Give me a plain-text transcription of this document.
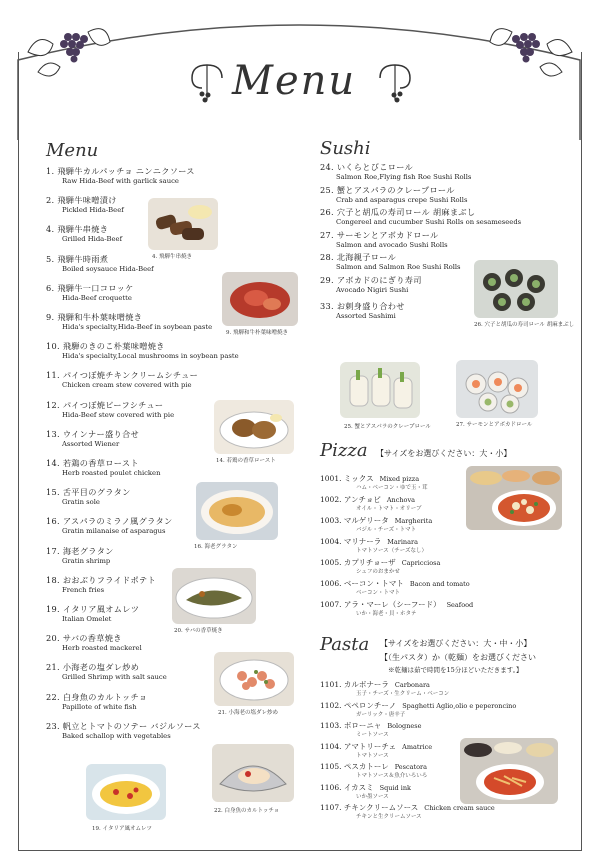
Menu
Menu	Sushi
Pizza
Pasta
1. 飛騨牛カルパッチョ ニンニクソース
Raw Hida-Beef with garlick sauce
2. 飛騨牛味噌漬け
Pickled Hida-Beef
4. 飛騨牛串焼き
Grilled Hida-Beef
5. 飛騨牛時雨煮
Boiled soysauce Hida-Beef
6. 飛騨牛一口コロッケ
Hida-Beef croquette
9. 飛騨和牛朴葉味噌焼き
Hida's specialty,Hida-Beef in soybean paste
10. 飛騨のきのこ朴葉味噌焼き
Hida's specialty,Local mushrooms in soybean paste
11. パイつぼ焼チキンクリームシチュー
Chicken cream stew covered with pie
12. パイつぼ焼ビーフシチュー
Hida-Beef stew covered with pie
13. ウインナー盛り合せ
Assorted Wiener
14. 若鶏の香草ロースト
Herb roasted poulet chicken
15. 舌平目のグラタン
Gratin sole
16. アスパラのミラノ風グラタン
Gratin milanaise of asparagus
17. 海老グラタン
Gratin shrimp
18. おおぶりフライドポテト
French fries
19. イタリア風オムレツ
Italian Omelet
20. サバの香草焼き
Herb roasted mackerel
21. 小海老の塩ダレ炒め
Grilled Shrimp with salt sauce
22. 白身魚のカルトッチョ
Papillote of white fish
23. 帆立とトマトのソテー バジルソース
Baked schallop with vegetables
24. いくらとびこロール
Salmon Roe,Flying fish Roe Sushi Rolls
25. 蟹とアスパラのクレープロール
Crab and asparagus crepe Sushi Rolls
26. 穴子と胡瓜の寿司ロール 胡麻まぶし
Congereel and cucumber Sushi Rolls on sesameseeds
27. サーモンとアボカドロール
Salmon and avocado Sushi Rolls
28. 北海親子ロール
Salmon and Salmon Roe Sushi Rolls
29. アボカドのにぎり寿司
Avocado Nigiri Sushi
33. お刺身盛り合わせ
Assorted Sashimi
【サイズをお選びください：大・小】
1001. ミックス Mixed pizza
ハム・ベーコン・ゆで玉・茸
1002. アンチョビ Anchova
オイル・トマト・オリーブ
1003. マルゲリータ Margherita
バジル・チーズ・トマト
1004. マリナーラ Marinara
トマトソース（チーズなし）
1005. カプリチョーザ Capricciosa
シェフのおまかせ
1006. ベーコン・トマト Bacon and tomato
ベーコン・トマト
1007. アラ・マーレ（シーフード） Seafood
いか・海老・貝・ホタテ
【サイズをお選びください：大・中・小】
【（生パスタ）か（乾麺）をお選びください
※乾麺は茹で時間を15分ほどいただきます。】
1101. カルボナーラ Carbonara
玉子・チーズ・生クリーム・ベーコン
1102. ペペロンチーノ Spaghetti Aglio,olio e peperoncino
ガーリック・唐辛子
1103. ボローニャ Bolognese
ミートソース
1104. アマトリーチェ Amatrice
トマトソース
1105. ペスカトーレ Pescatora
トマトソース＆魚介いろいろ
1106. イカスミ Squid ink
いか墨ソース
1107. チキンクリームソース Chicken cream sauce
チキンと生クリームソース
4. 飛騨牛串焼き
9. 飛騨和牛朴葉味噌焼き
14. 若鶏の香草ロースト
16. 海老グラタン
20. サバの香草焼き
21. 小海老の塩ダレ炒め
19. イタリア風オムレツ
22. 白身魚のカルトッチョ
26. 穴子と胡瓜の寿司ロール 胡麻まぶし
25. 蟹とアスパラのクレープロール	27. サーモンとアボカドロール
